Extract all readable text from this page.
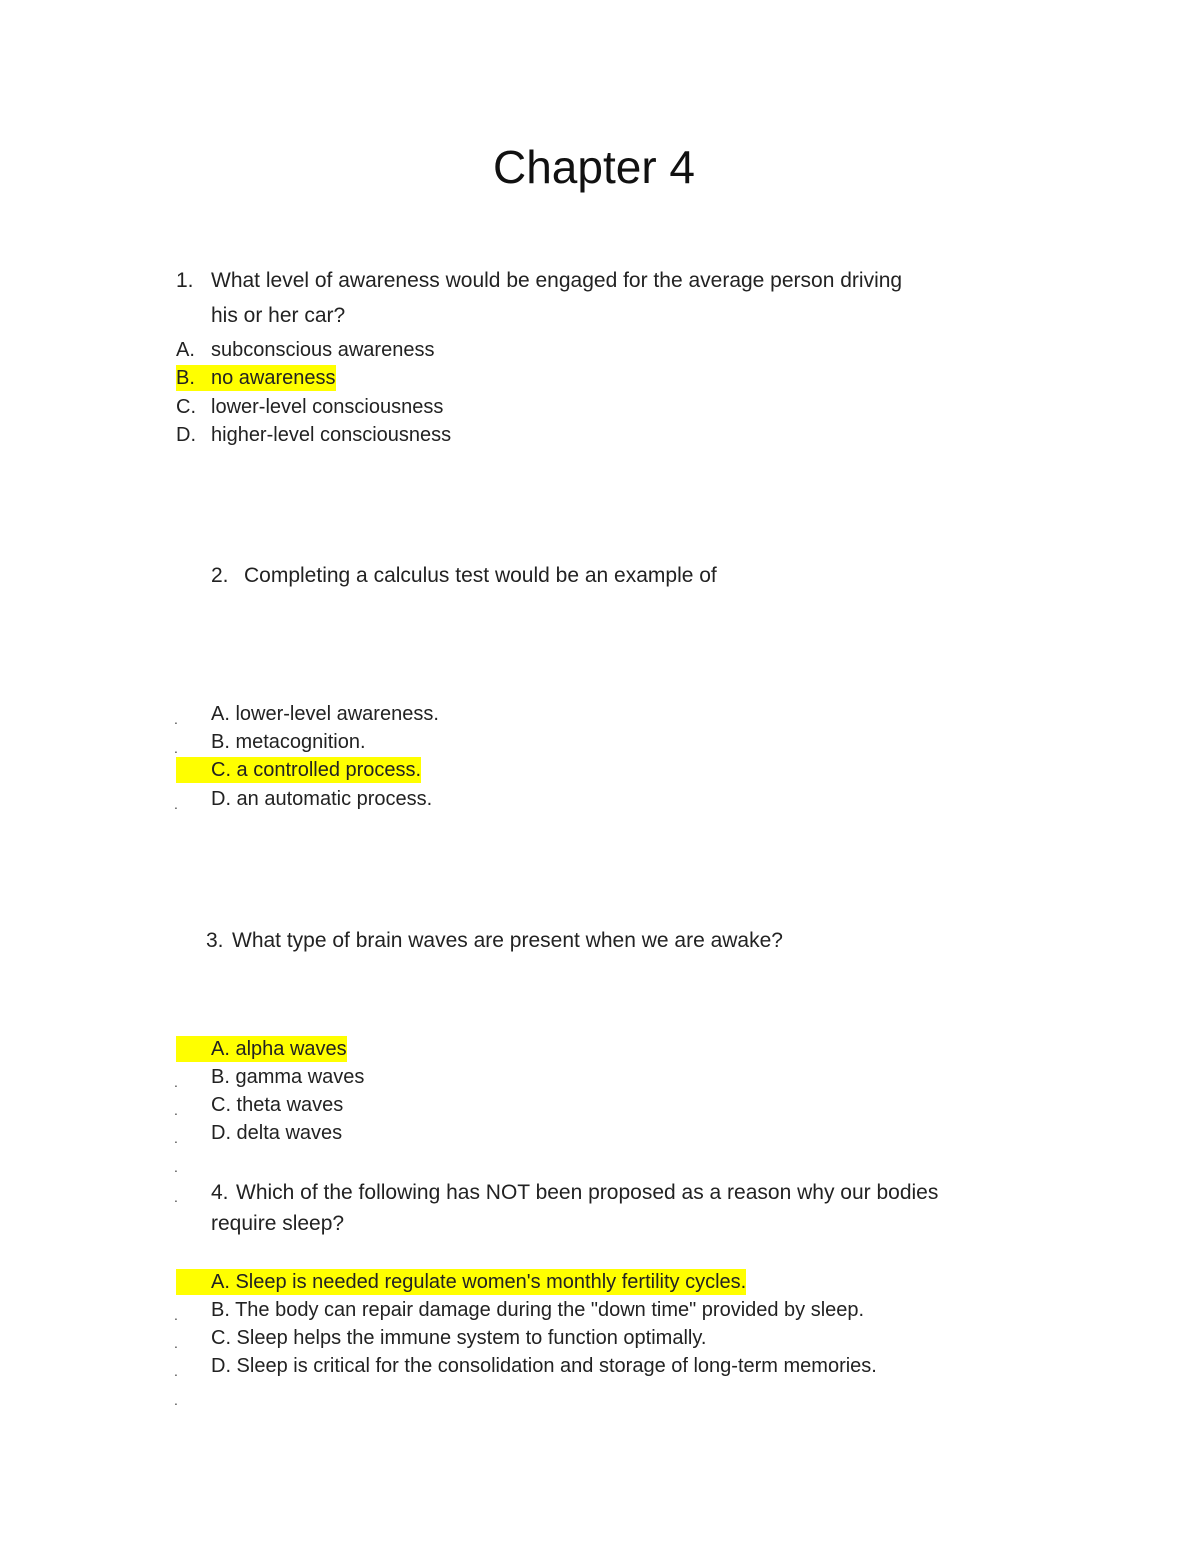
Chapter 4
1. What level of awareness would be engaged for the average person driving
his or her car?
A. subconscious awareness
B. no awareness
C. lower-level consciousness
D. higher-level consciousness
2. Completing a calculus test would be an example of
. A. lower-level awareness.
. B. metacognition.
C. a controlled process.
. D. an automatic process.
3. What type of brain waves are present when we are awake?
A. alpha waves
. B. gamma waves
. C. theta waves
. D. delta waves
.
. 4. Which of the following has NOT been proposed as a reason why our bodies
require sleep?
A. Sleep is needed regulate women's monthly fertility cycles.
. B. The body can repair damage during the "down time" provided by sleep.
. C. Sleep helps the immune system to function optimally.
. D. Sleep is critical for the consolidation and storage of long-term memories.
.
